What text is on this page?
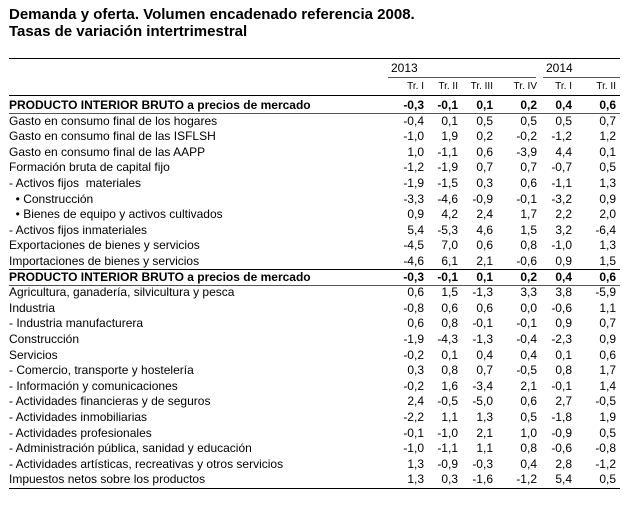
Demanda y oferta. Volumen encadenado referencia 2008.
Tasas de variación intertrimestral
2013	2014
Tr. I	Tr. II	Tr. III	Tr. IV	Tr. I	Tr. II
PRODUCTO INTERIOR BRUTO a precios de mercado	-0,3	-0,1	0,1	0,2	0,4	0,6
Gasto en consumo final de los hogares	-0,4	0,1	0,5	0,5	0,5	0,7
Gasto en consumo final de las ISFLSH	-1,0	1,9	0,2	-0,2	-1,2	1,2
Gasto en consumo final de las AAPP	1,0	-1,1	0,6	-3,9	4,4	0,1
Formación bruta de capital fijo	-1,2	-1,9	0,7	0,7	-0,7	0,5
- Activos fijos  materiales	-1,9	-1,5	0,3	0,6	-1,1	1,3
• Construcción	-3,3	-4,6	-0,9	-0,1	-3,2	0,9
• Bienes de equipo y activos cultivados	0,9	4,2	2,4	1,7	2,2	2,0
- Activos fijos inmateriales	5,4	-5,3	4,6	1,5	3,2	-6,4
Exportaciones de bienes y servicios	-4,5	7,0	0,6	0,8	-1,0	1,3
Importaciones de bienes y servicios	-4,6	6,1	2,1	-0,6	0,9	1,5
PRODUCTO INTERIOR BRUTO a precios de mercado	-0,3	-0,1	0,1	0,2	0,4	0,6
Agricultura, ganadería, silvicultura y pesca	0,6	1,5	-1,3	3,3	3,8	-5,9
Industria	-0,8	0,6	0,6	0,0	-0,6	1,1
- Industria manufacturera	0,6	0,8	-0,1	-0,1	0,9	0,7
Construcción	-1,9	-4,3	-1,3	-0,4	-2,3	0,9
Servicios	-0,2	0,1	0,4	0,4	0,1	0,6
- Comercio, transporte y hostelería	0,3	0,8	0,7	-0,5	0,8	1,7
- Información y comunicaciones	-0,2	1,6	-3,4	2,1	-0,1	1,4
- Actividades financieras y de seguros	2,4	-0,5	-5,0	0,6	2,7	-0,5
- Actividades inmobiliarias	-2,2	1,1	1,3	0,5	-1,8	1,9
- Actividades profesionales	-0,1	-1,0	2,1	1,0	-0,9	0,5
- Administración pública, sanidad y educación	-1,0	-1,1	1,1	0,8	-0,6	-0,8
- Actividades artísticas, recreativas y otros servicios	1,3	-0,9	-0,3	0,4	2,8	-1,2
Impuestos netos sobre los productos	1,3	0,3	-1,6	-1,2	5,4	0,5
